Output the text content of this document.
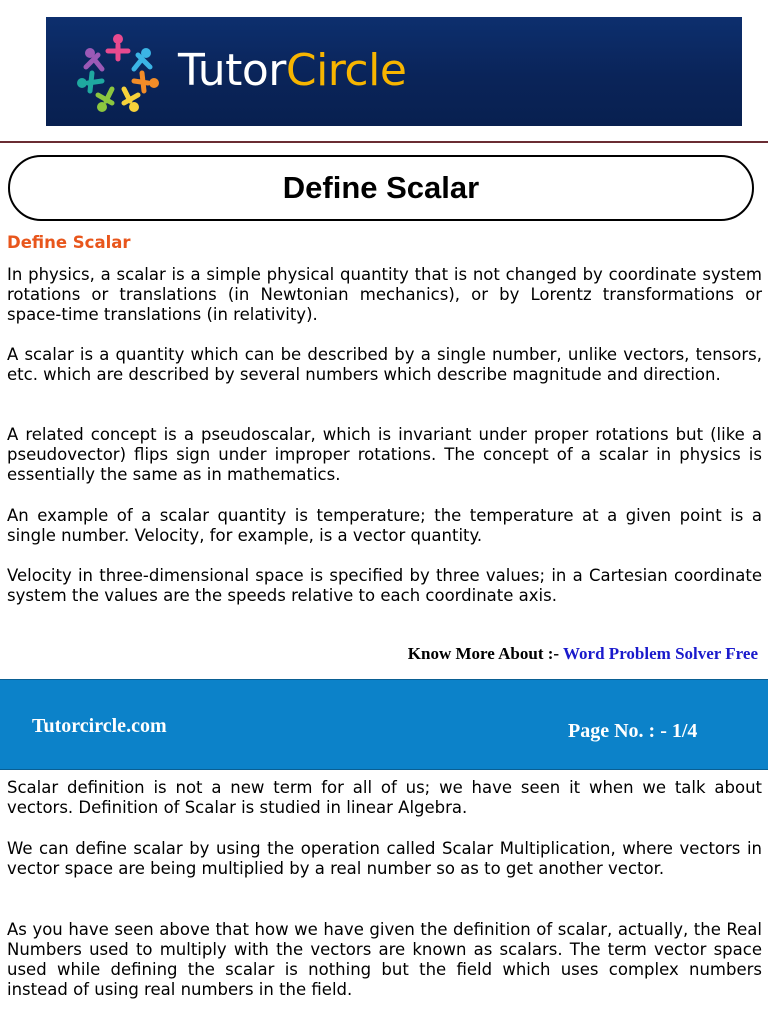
TutorCircle
Define Scalar
Define Scalar

In physics, a scalar is a simple physical quantity that is not changed by coordinate system rotations or translations (in Newtonian mechanics), or by Lorentz transformations or space-time translations (in relativity).

A scalar is a quantity which can be described by a single number, unlike vectors, tensors, etc. which are described by several numbers which describe magnitude and direction.

A related concept is a pseudoscalar, which is invariant under proper rotations but (like a pseudovector) flips sign under improper rotations. The concept of a scalar in physics is essentially the same as in mathematics.

An example of a scalar quantity is temperature; the temperature at a given point is a single number. Velocity, for example, is a vector quantity.

Velocity in three-dimensional space is specified by three values; in a Cartesian coordinate system the values are the speeds relative to each coordinate axis.

Know More About :- Word Problem Solver Free
Tutorcircle.com	Page No. : - 1/4

Scalar definition is not a new term for all of us; we have seen it when we talk about vectors. Definition of Scalar is studied in linear Algebra.

We can define scalar by using the operation called Scalar Multiplication, where vectors in vector space are being multiplied by a real number so as to get another vector.

As you have seen above that how we have given the definition of scalar, actually, the Real Numbers used to multiply with the vectors are known as scalars. The term vector space used while defining the scalar is nothing but the field which uses complex numbers instead of using real numbers in the field.
